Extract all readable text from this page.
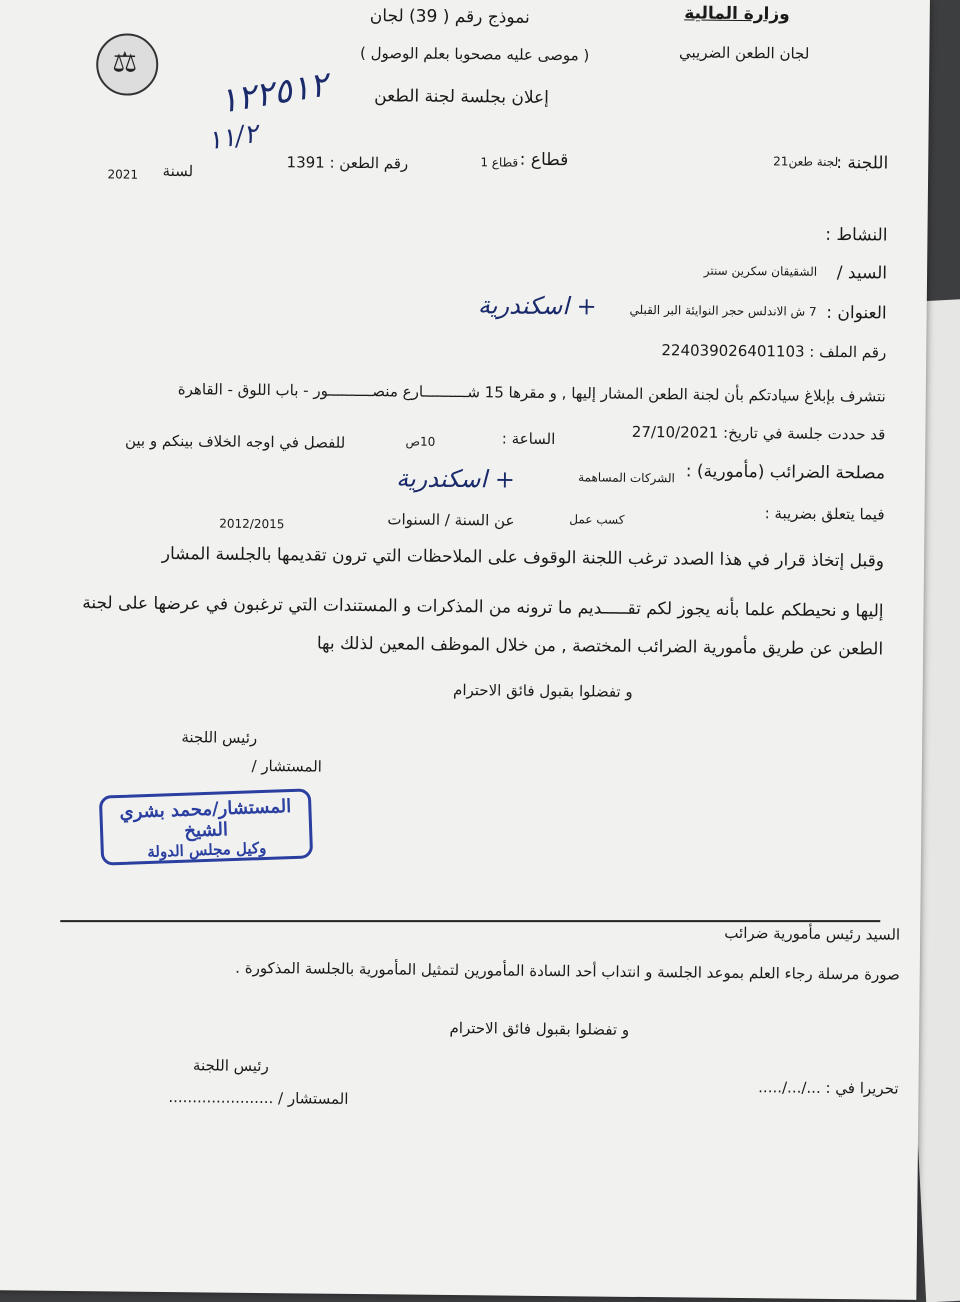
⚖
وزارة المالية
لجان الطعن الضريبي
نموذج رقم ( 39) لجان
( موصى عليه مصحوبا بعلم الوصول )
إعلان بجلسة لجنة الطعن
١٢٢٥١٢
١١/٢
اللجنة :
لجنة طعن21
قطاع :
قطاع 1
رقم الطعن : 1391
لسنة
2021
النشاط :
السيد /
الشقيقان سكرين سنتر
العنوان :
7 ش الاندلس حجر النوايئة البر القبلي
+ اسكندرية
رقم الملف : 224039026401103
نتشرف بإبلاغ سيادتكم بأن لجنة الطعن المشار إليها , و مقرها 15 شــــــــــارع منصــــــــــور - باب اللوق - القاهرة
قد حددت جلسة في تاريخ: 27/10/2021
الساعة :
10ص
للفصل في اوجه الخلاف بينكم و بين
مصلحة الضرائب (مأمورية) :
الشركات المساهمة
+ اسكندرية
فيما يتعلق بضريبة :
كسب عمل
عن السنة / السنوات
2012/2015
وقبل إتخاذ قرار في هذا الصدد ترغب اللجنة الوقوف على الملاحظات التي ترون تقديمها بالجلسة المشار
إليها و نحيطكم علما بأنه يجوز لكم تقـــــديم ما ترونه من المذكرات و المستندات التي ترغبون في عرضها على لجنة
الطعن عن طريق مأمورية الضرائب المختصة , من خلال الموظف المعين لذلك بها
و تفضلوا بقبول فائق الاحترام
رئيس اللجنة
المستشار /
السيد رئيس مأمورية ضرائب
صورة مرسلة رجاء العلم بموعد الجلسة و انتداب أحد السادة المأمورين لتمثيل المأمورية بالجلسة المذكورة .
و تفضلوا بقبول فائق الاحترام
رئيس اللجنة
المستشار / ......................
تحريرا في : .../.../.....
المستشار/محمد بشري الشيخ
وكيل مجلس الدولة
